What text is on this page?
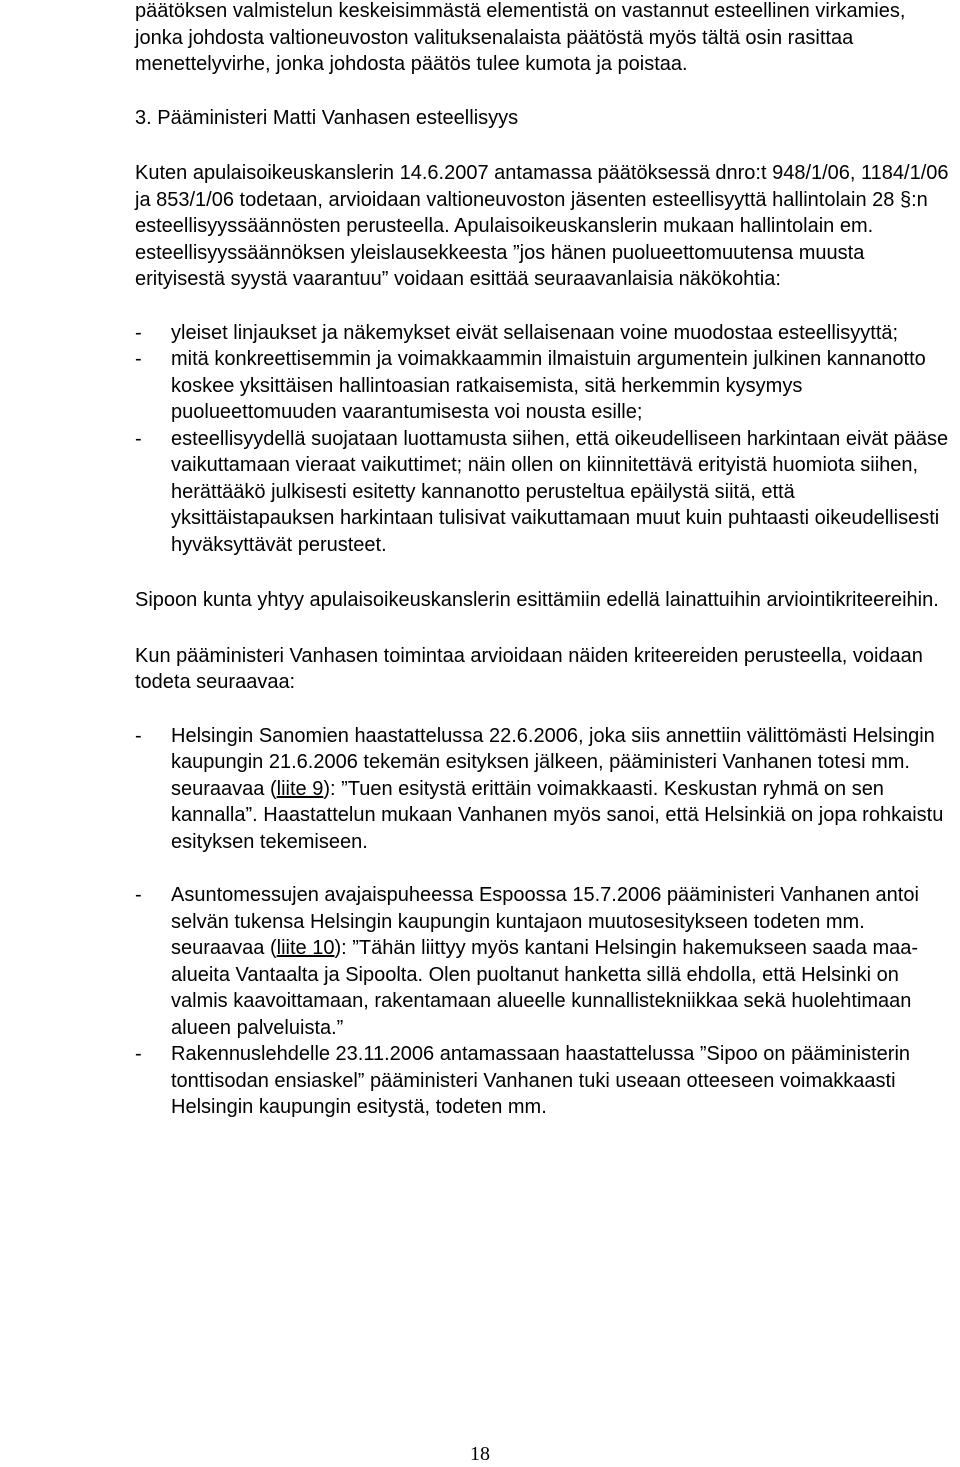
päätöksen valmistelun keskeisimmästä elementistä on vastannut esteellinen virkamies, jonka johdosta valtioneuvoston valituksenalaista päätöstä myös tältä osin rasittaa menettelyvirhe, jonka johdosta päätös tulee kumota ja poistaa.

3. Pääministeri Matti Vanhasen esteellisyys

Kuten apulaisoikeuskanslerin 14.6.2007 antamassa päätöksessä dnro:t 948/1/06, 1184/1/06 ja 853/1/06 todetaan, arvioidaan valtioneuvoston jäsenten esteellisyyttä hallintolain 28 §:n esteellisyyssäännösten perusteella. Apulaisoikeuskanslerin mukaan hallintolain em. esteellisyyssäännöksen yleislausekkeesta ”jos hänen puolueettomuutensa muusta erityisestä syystä vaarantuu” voidaan esittää seuraavanlaisia näkökohtia:

- yleiset linjaukset ja näkemykset eivät sellaisenaan voine muodostaa esteellisyyttä;
- mitä konkreettisemmin ja voimakkaammin ilmaistuin argumentein julkinen kannanotto koskee yksittäisen hallintoasian ratkaisemista, sitä herkemmin kysymys puolueettomuuden vaarantumisesta voi nousta esille;
- esteellisyydellä suojataan luottamusta siihen, että oikeudelliseen harkintaan eivät pääse vaikuttamaan vieraat vaikuttimet; näin ollen on kiinnitettävä erityistä huomiota siihen, herättääkö julkisesti esitetty kannanotto perusteltua epäilystä siitä, että yksittäistapauksen harkintaan tulisivat vaikuttamaan muut kuin puhtaasti oikeudellisesti hyväksyttävät perusteet.

Sipoon kunta yhtyy apulaisoikeuskanslerin esittämiin edellä lainattuihin arviointikriteereihin.

Kun pääministeri Vanhasen toimintaa arvioidaan näiden kriteereiden perusteella, voidaan todeta seuraavaa:

- Helsingin Sanomien haastattelussa 22.6.2006, joka siis annettiin välittömästi Helsingin kaupungin 21.6.2006 tekemän esityksen jälkeen, pääministeri Vanhanen totesi mm. seuraavaa (liite 9): ”Tuen esitystä erittäin voimakkaasti. Keskustan ryhmä on sen kannalla”. Haastattelun mukaan Vanhanen myös sanoi, että Helsinkiä on jopa rohkaistu esityksen tekemiseen.
- Asuntomessujen avajaispuheessa Espoossa 15.7.2006 pääministeri Vanhanen antoi selvän tukensa Helsingin kaupungin kuntajaon muutosesitykseen todeten mm. seuraavaa (liite 10): ”Tähän liittyy myös kantani Helsingin hakemukseen saada maa-alueita Vantaalta ja Sipoolta. Olen puoltanut hanketta sillä ehdolla, että Helsinki on valmis kaavoittamaan, rakentamaan alueelle kunnallistekniikkaa sekä huolehtimaan alueen palveluista.”
- Rakennuslehdelle 23.11.2006 antamassaan haastattelussa ”Sipoo on pääministerin tonttisodan ensiaskel” pääministeri Vanhanen tuki useaan otteeseen voimakkaasti Helsingin kaupungin esitystä, todeten mm.
18
